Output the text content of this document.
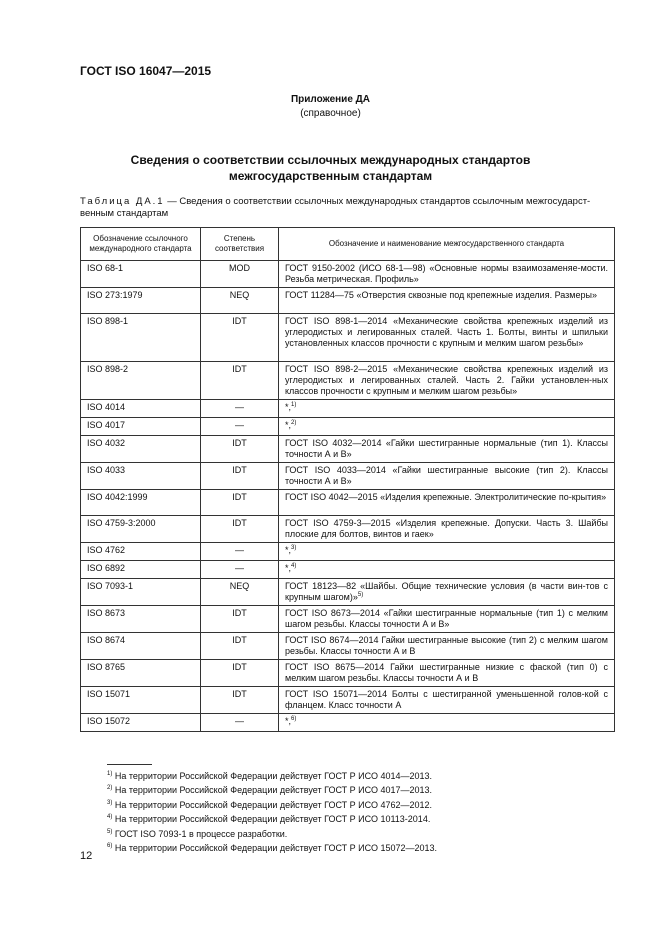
ГОСТ ISO 16047—2015
Приложение ДА
(справочное)
Сведения о соответствии ссылочных международных стандартов
межгосударственным стандартам
Таблица ДА.1 — Сведения о соответствии ссылочных международных стандартов ссылочным межгосударст-венным стандартам
Обозначение ссылочного международного стандарта	Степень соответствия	Обозначение и наименование межгосударственного стандарта
ISO 68-1	MOD	ГОСТ 9150-2002 (ИСО 68-1—98) «Основные нормы взаимозаменяе-мости. Резьба метрическая. Профиль»
ISO 273:1979	NEQ	ГОСТ 11284—75 «Отверстия сквозные под крепежные изделия. Размеры»
ISO 898-1	IDT	ГОСТ ISO 898-1—2014 «Механические свойства крепежных изделий из углеродистых и легированных сталей. Часть 1. Болты, винты и шпильки установленных классов прочности с крупным и мелким шагом резьбы»
ISO 898-2	IDT	ГОСТ ISO 898-2—2015 «Механические свойства крепежных изделий из углеродистых и легированных сталей. Часть 2. Гайки установлен-ных классов прочности с крупным и мелким шагом резьбы»
ISO 4014	—	*,$^{1)}$
ISO 4017	—	*,$^{2)}$
ISO 4032	IDT	ГОСТ ISO 4032—2014 «Гайки шестигранные нормальные (тип 1). Классы точности А и В»
ISO 4033	IDT	ГОСТ ISO 4033—2014 «Гайки шестигранные высокие (тип 2). Классы точности А и В»
ISO 4042:1999	IDT	ГОСТ ISO 4042—2015 «Изделия крепежные. Электролитические по-крытия»
ISO 4759-3:2000	IDT	ГОСТ ISO 4759-3—2015 «Изделия крепежные. Допуски. Часть 3. Шайбы плоские для болтов, винтов и гаек»
ISO 4762	—	*,$^{3)}$
ISO 6892	—	*,$^{4)}$
ISO 7093-1	NEQ	ГОСТ 18123—82 «Шайбы. Общие технические условия (в части вин-тов с крупным шагом)»$^{5)}$
ISO 8673	IDT	ГОСТ ISO 8673—2014 «Гайки шестигранные нормальные (тип 1) с мелким шагом резьбы. Классы точности А и В»
ISO 8674	IDT	ГОСТ ISO 8674—2014 Гайки шестигранные высокие (тип 2) с мелким шагом резьбы. Классы точности А и В
ISO 8765	IDT	ГОСТ ISO 8675—2014 Гайки шестигранные низкие с фаской (тип 0) с мелким шагом резьбы. Классы точности А и В
ISO 15071	IDT	ГОСТ ISO 15071—2014 Болты с шестигранной уменьшенной голов-кой с фланцем. Класс точности А
ISO 15072	—	*,$^{6)}$
$^{1)}$ На территории Российской Федерации действует ГОСТ Р ИСО 4014—2013.
$^{2)}$ На территории Российской Федерации действует ГОСТ Р ИСО 4017—2013.
$^{3)}$ На территории Российской Федерации действует ГОСТ Р ИСО 4762—2012.
$^{4)}$ На территории Российской Федерации действует ГОСТ Р ИСО 10113-2014.
$^{5)}$ ГОСТ ISO 7093-1 в процессе разработки.
$^{6)}$ На территории Российской Федерации действует ГОСТ Р ИСО 15072—2013.
12
